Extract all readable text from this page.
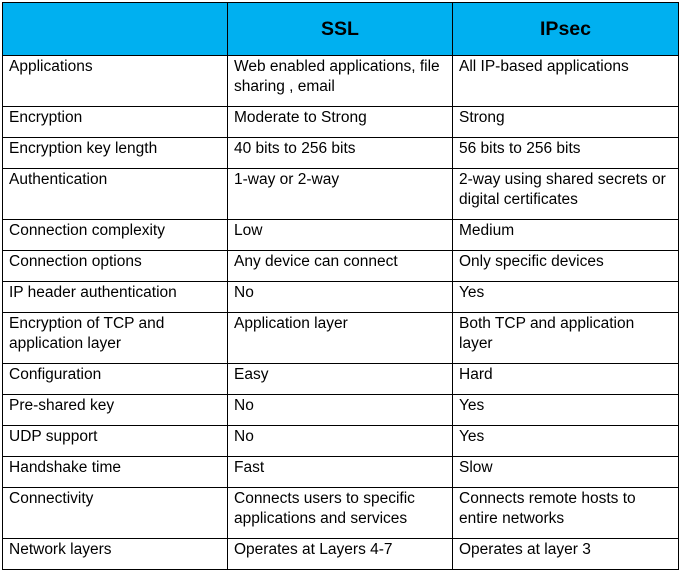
	SSL	IPsec
Applications	Web enabled applications, file sharing , email	All IP-based applications
Encryption	Moderate to Strong	Strong
Encryption key length	40 bits to 256 bits	56 bits to 256 bits
Authentication	1-way or 2-way	2-way using shared secrets or digital certificates
Connection complexity	Low	Medium
Connection options	Any device can connect	Only specific devices
IP header authentication	No	Yes
Encryption of TCP and application layer	Application layer	Both TCP and application layer
Configuration	Easy	Hard
Pre-shared key	No	Yes
UDP support	No	Yes
Handshake time	Fast	Slow
Connectivity	Connects users to specific applications and services	Connects remote hosts to entire networks
Network layers	Operates at Layers 4-7	Operates at layer 3
